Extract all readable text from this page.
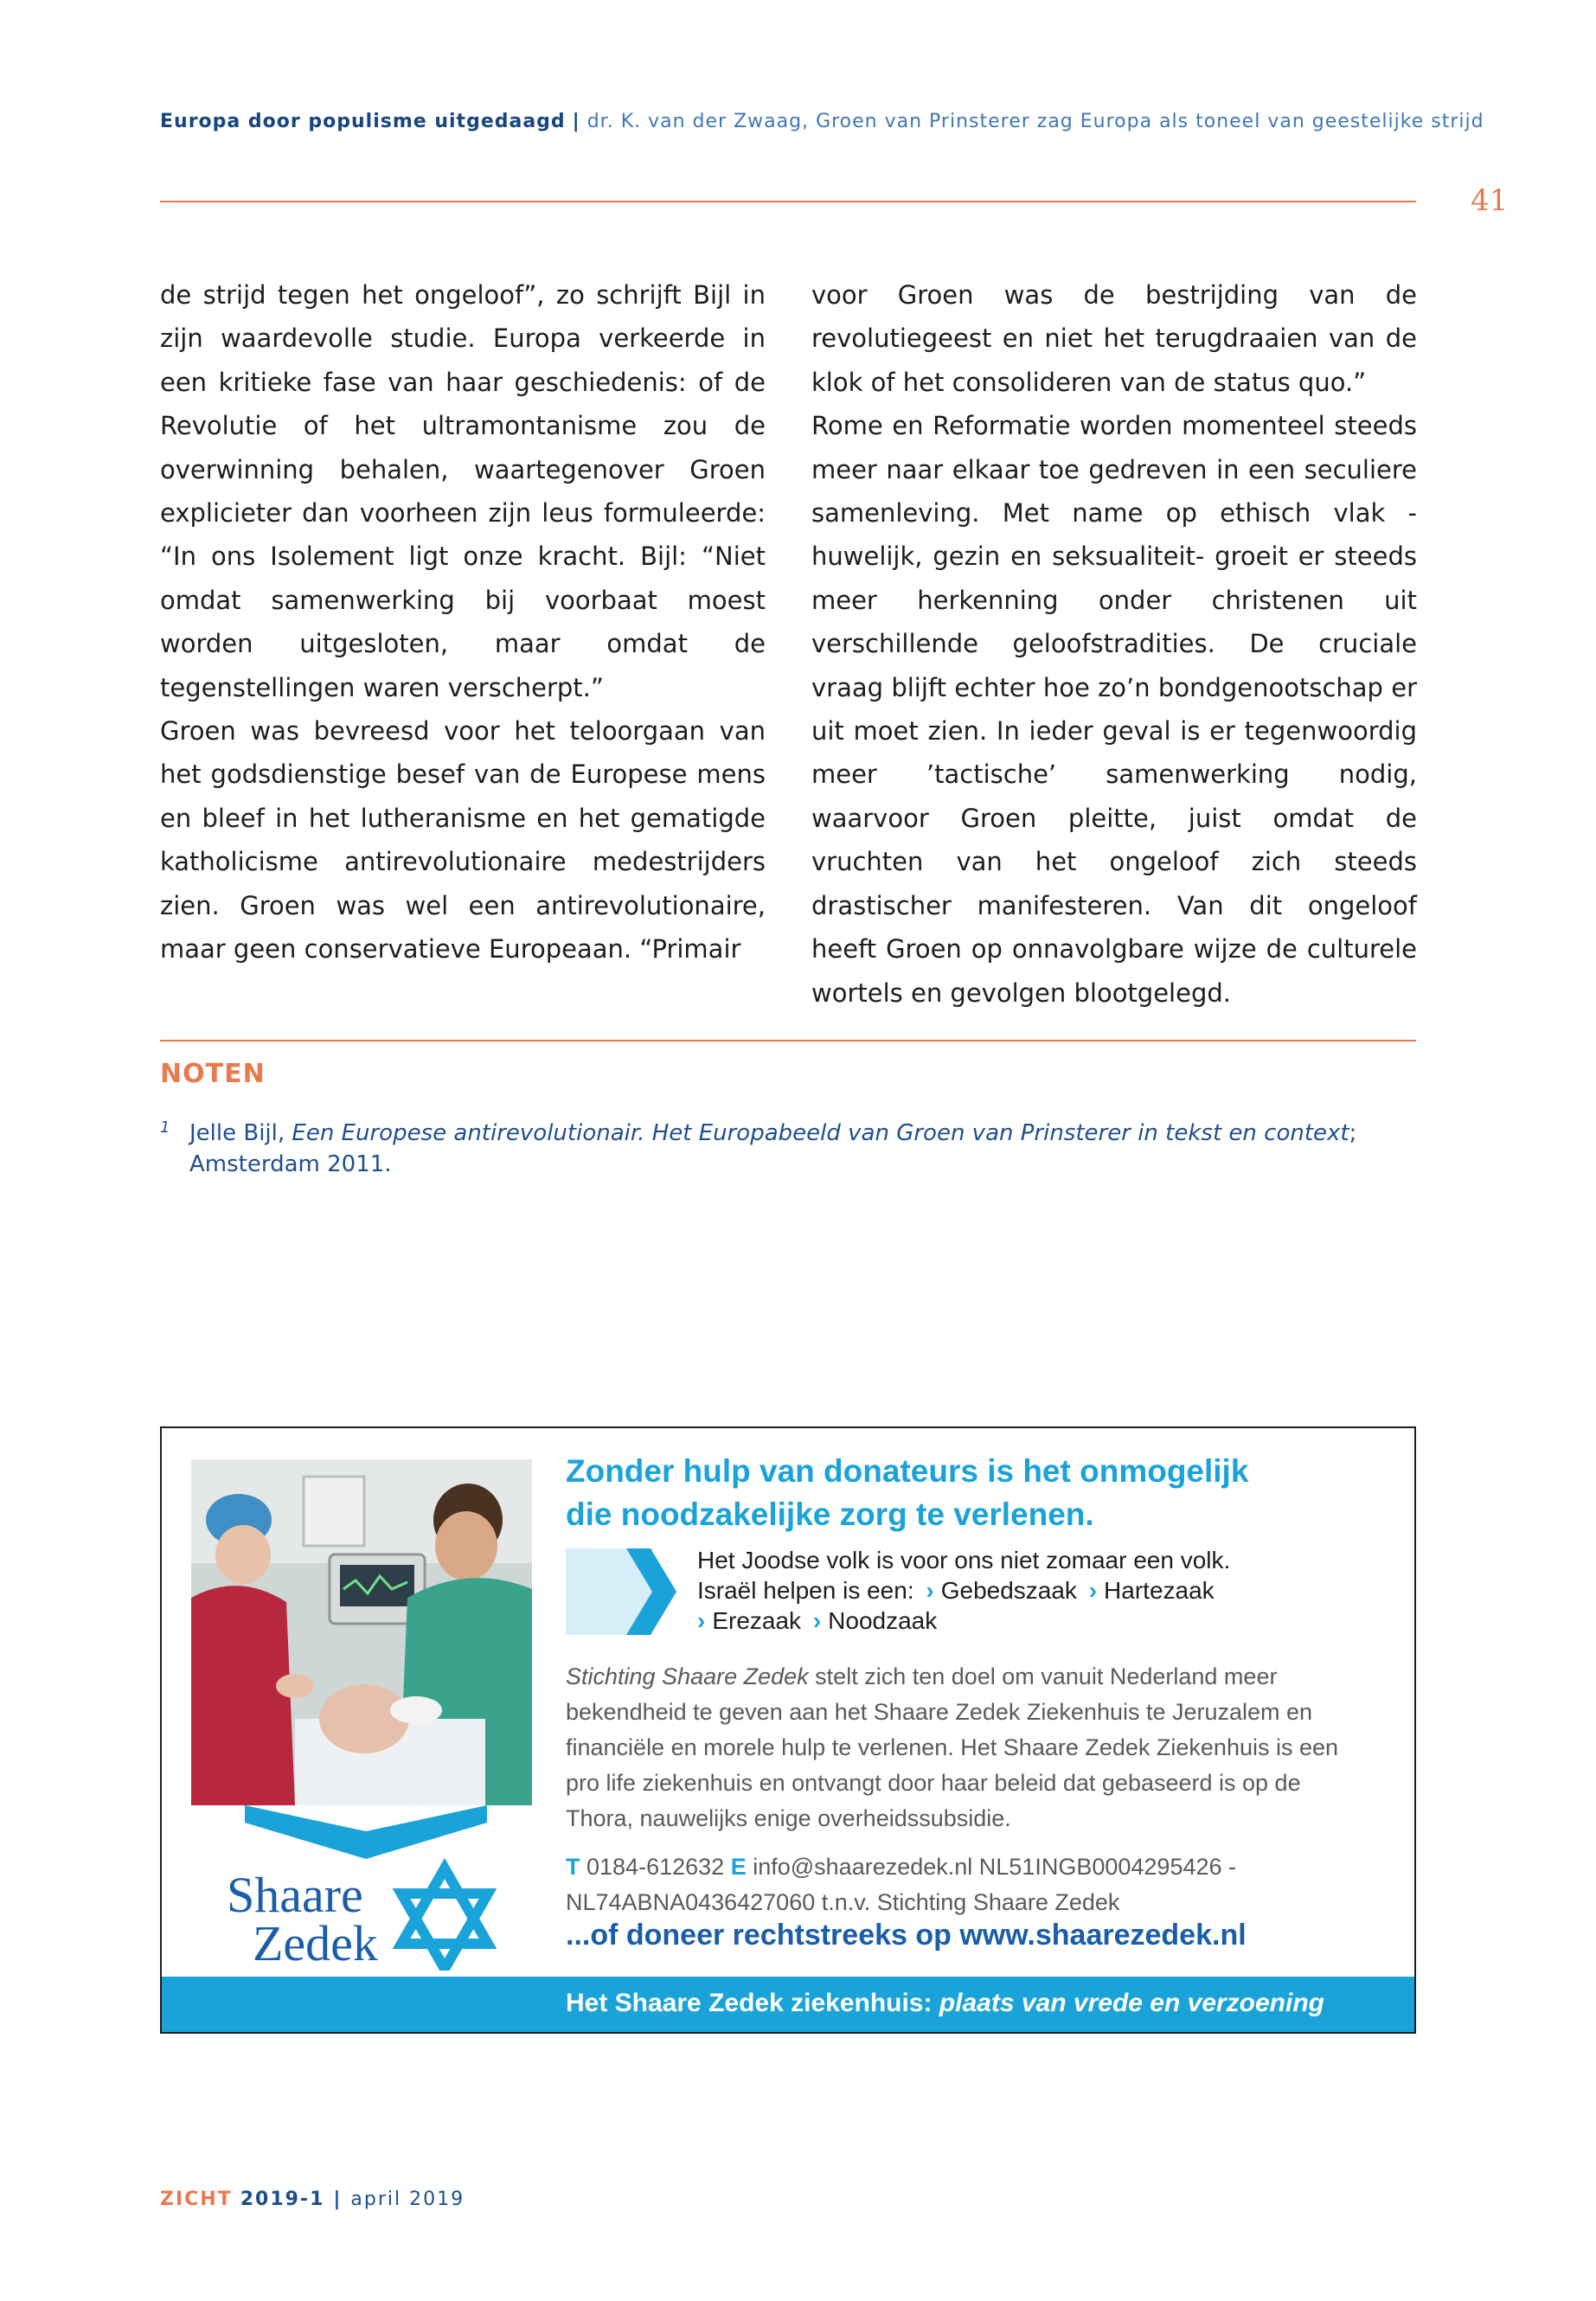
Europa door populisme uitgedaagd | dr. K. van der Zwaag, Groen van Prinsterer zag Europa als toneel van geestelijke strijd
41

de strijd tegen het ongeloof”, zo schrijft Bijl in zijn waardevolle studie. Europa verkeerde in een kritieke fase van haar geschiedenis: of de Revolutie of het ultramontanisme zou de overwinning behalen, waartegenover Groen explicieter dan voorheen zijn leus formuleerde: “In ons Isolement ligt onze kracht. Bijl: “Niet omdat samenwerking bij voorbaat moest worden uitgesloten, maar omdat de tegenstellingen waren verscherpt.”

Groen was bevreesd voor het teloorgaan van het godsdienstige besef van de Europese mens en bleef in het lutheranisme en het gematigde katholicisme antirevolutionaire medestrijders zien. Groen was wel een antirevolutionaire, maar geen conservatieve Europeaan. “Primair

voor Groen was de bestrijding van de revolutiegeest en niet het terugdraaien van de klok of het consolideren van de status quo.”

Rome en Reformatie worden momenteel steeds meer naar elkaar toe gedreven in een seculiere samenleving. Met name op ethisch vlak -huwelijk, gezin en seksualiteit- groeit er steeds meer herkenning onder christenen uit verschillende geloofstradities. De cruciale vraag blijft echter hoe zo’n bondgenootschap er uit moet zien. In ieder geval is er tegenwoordig meer ’tactische’ samenwerking nodig, waarvoor Groen pleitte, juist omdat de vruchten van het ongeloof zich steeds drastischer manifesteren. Van dit ongeloof heeft Groen op onnavolgbare wijze de culturele wortels en gevolgen blootgelegd.

NOTEN
1 Jelle Bijl, Een Europese antirevolutionair. Het Europabeeld van Groen van Prinsterer in tekst en context; Amsterdam 2011.
Shaare
Zedek
Zonder hulp van donateurs is het onmogelijk
die noodzakelijke zorg te verlenen.
Het Joodse volk is voor ons niet zomaar een volk.
Israël helpen is een: › Gebedszaak › Hartezaak
› Erezaak › Noodzaak
Stichting Shaare Zedek stelt zich ten doel om vanuit Nederland meer bekendheid te geven aan het Shaare Zedek Ziekenhuis te Jeruzalem en financiële en morele hulp te verlenen. Het Shaare Zedek Ziekenhuis is een pro life ziekenhuis en ontvangt door haar beleid dat gebaseerd is op de Thora, nauwelijks enige overheidssubsidie.
T 0184-612632 E info@shaarezedek.nl NL51INGB0004295426 -
NL74ABNA0436427060 t.n.v. Stichting Shaare Zedek
...of doneer rechtstreeks op www.shaarezedek.nl
Het Shaare Zedek ziekenhuis: plaats van vrede en verzoening
ZICHT 2019-1 | april 2019
